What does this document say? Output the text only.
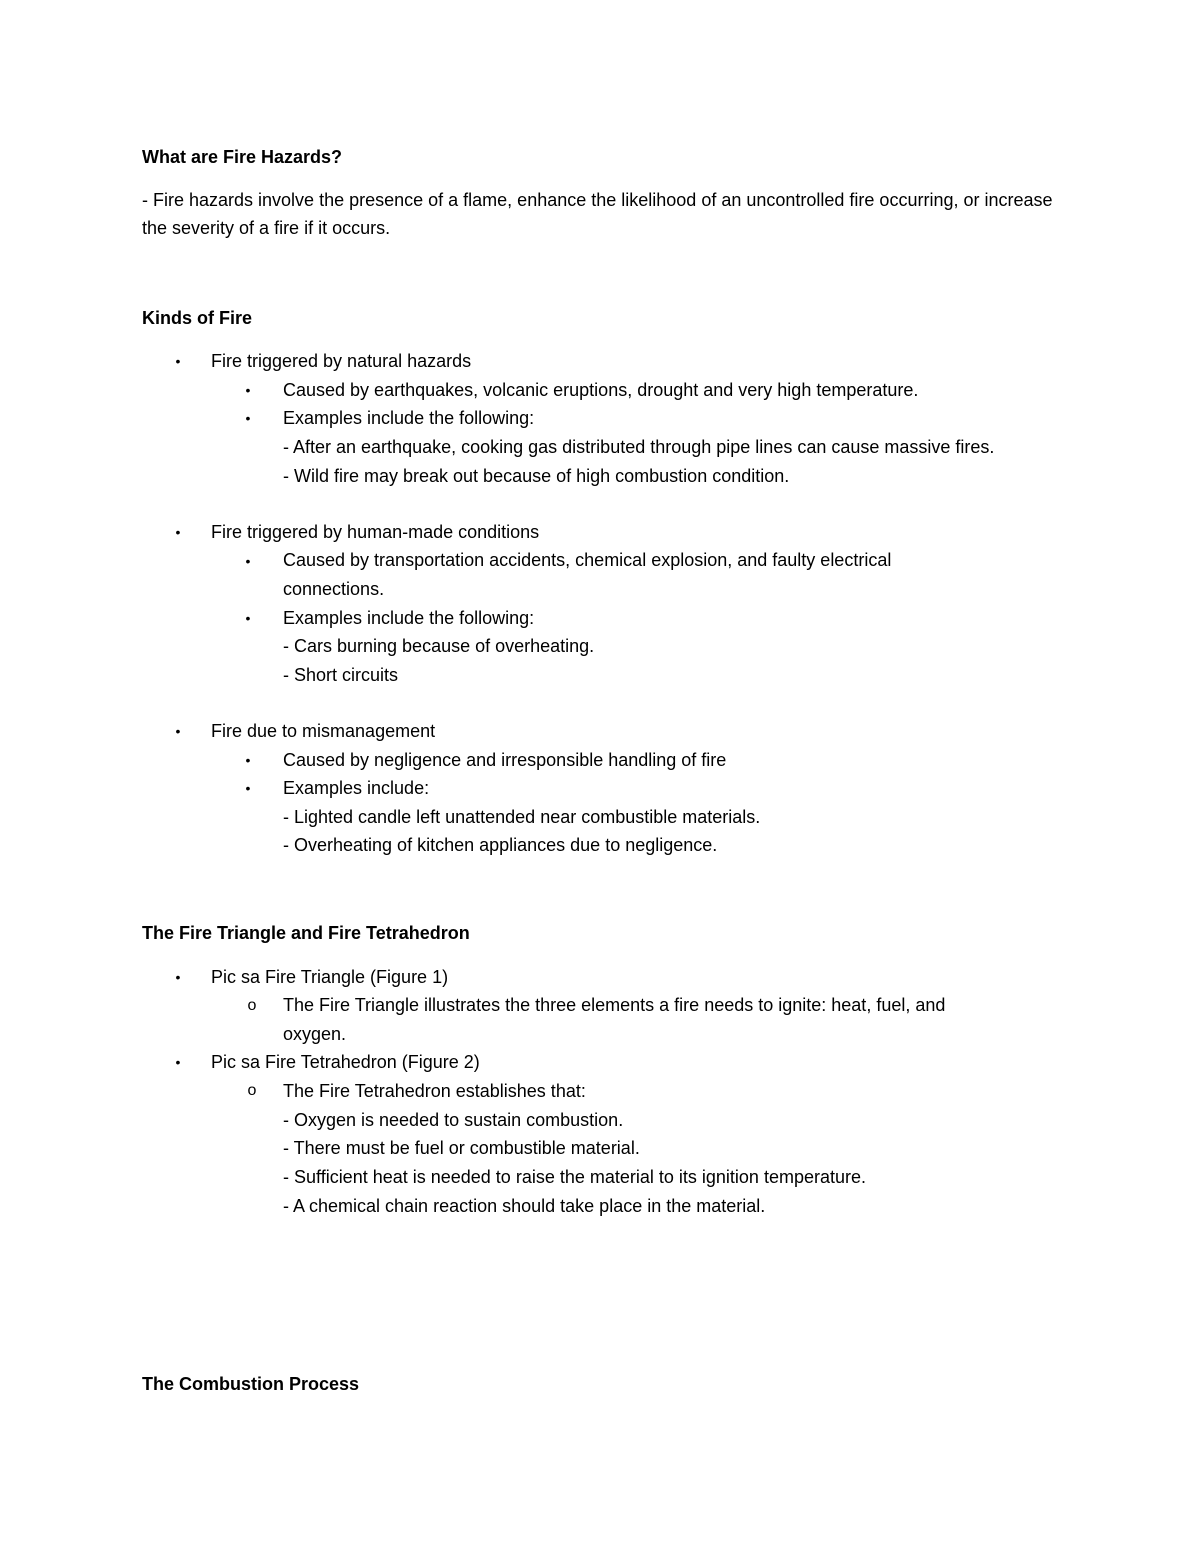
What are Fire Hazards?

- Fire hazards involve the presence of a flame, enhance the likelihood of an uncontrolled fire occurring, or increase the severity of a fire if it occurs.

Kinds of Fire
• Fire triggered by natural hazards
• Caused by earthquakes, volcanic eruptions, drought and very high temperature.
• Examples include the following:
- After an earthquake, cooking gas distributed through pipe lines can cause massive fires.
- Wild fire may break out because of high combustion condition.
• Fire triggered by human-made conditions
• Caused by transportation accidents, chemical explosion, and faulty electrical connections.
• Examples include the following:
- Cars burning because of overheating.
- Short circuits
• Fire due to mismanagement
• Caused by negligence and irresponsible handling of fire
• Examples include:
- Lighted candle left unattended near combustible materials.
- Overheating of kitchen appliances due to negligence.
The Fire Triangle and Fire Tetrahedron
• Pic sa Fire Triangle (Figure 1)
o The Fire Triangle illustrates the three elements a fire needs to ignite: heat, fuel, and oxygen.
• Pic sa Fire Tetrahedron (Figure 2)
o The Fire Tetrahedron establishes that:
- Oxygen is needed to sustain combustion.
- There must be fuel or combustible material.
- Sufficient heat is needed to raise the material to its ignition temperature.
- A chemical chain reaction should take place in the material.
The Combustion Process
